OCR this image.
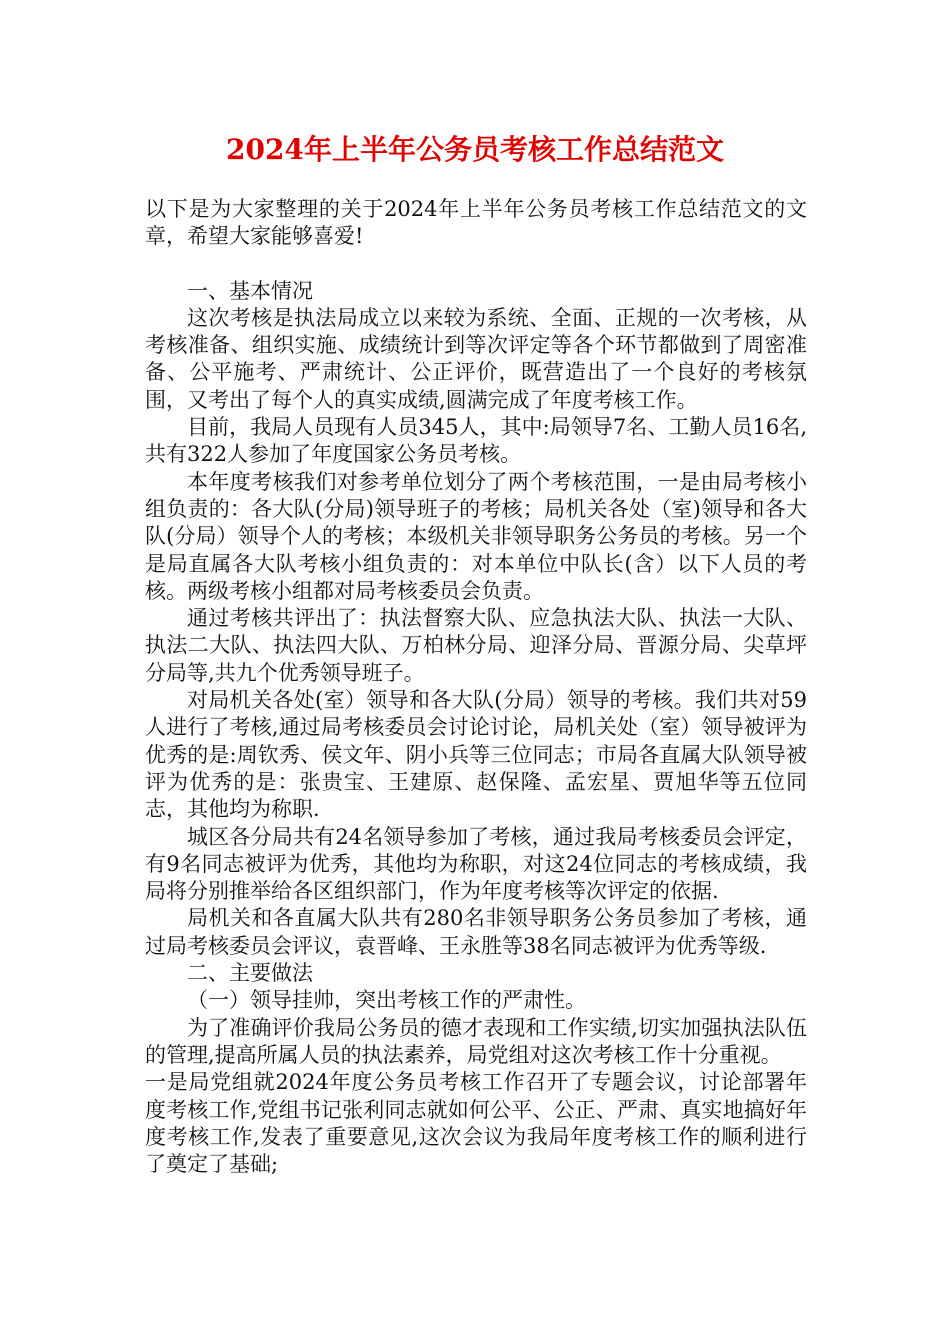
2024年上半年公务员考核工作总结范文

以下是为大家整理的关于2024年上半年公务员考核工作总结范文的文章，希望大家能够喜爱!

一、基本情况

这次考核是执法局成立以来较为系统、全面、正规的一次考核，从考核准备、组织实施、成绩统计到等次评定等各个环节都做到了周密准备、公平施考、严肃统计、公正评价，既营造出了一个良好的考核氛围，又考出了每个人的真实成绩,圆满完成了年度考核工作。

目前，我局人员现有人员345人，其中:局领导7名、工勤人员16名,共有322人参加了年度国家公务员考核。

本年度考核我们对参考单位划分了两个考核范围，一是由局考核小组负责的：各大队(分局)领导班子的考核；局机关各处（室)领导和各大队(分局）领导个人的考核；本级机关非领导职务公务员的考核。另一个是局直属各大队考核小组负责的：对本单位中队长(含）以下人员的考核。两级考核小组都对局考核委员会负责。

通过考核共评出了：执法督察大队、应急执法大队、执法一大队、执法二大队、执法四大队、万柏林分局、迎泽分局、晋源分局、尖草坪分局等,共九个优秀领导班子。

对局机关各处(室）领导和各大队(分局）领导的考核。我们共对59人进行了考核,通过局考核委员会讨论讨论，局机关处（室）领导被评为优秀的是:周钦秀、侯文年、阴小兵等三位同志；市局各直属大队领导被评为优秀的是：张贵宝、王建原、赵保隆、孟宏星、贾旭华等五位同志，其他均为称职.

城区各分局共有24名领导参加了考核，通过我局考核委员会评定，有9名同志被评为优秀，其他均为称职，对这24位同志的考核成绩，我局将分别推举给各区组织部门，作为年度考核等次评定的依据.

局机关和各直属大队共有280名非领导职务公务员参加了考核，通过局考核委员会评议，袁晋峰、王永胜等38名同志被评为优秀等级.

二、主要做法

（一）领导挂帅，突出考核工作的严肃性。

为了准确评价我局公务员的德才表现和工作实绩,切实加强执法队伍的管理,提高所属人员的执法素养，局党组对这次考核工作十分重视。

一是局党组就2024年度公务员考核工作召开了专题会议，讨论部署年度考核工作,党组书记张利同志就如何公平、公正、严肃、真实地搞好年度考核工作,发表了重要意见,这次会议为我局年度考核工作的顺利进行了奠定了基础;
